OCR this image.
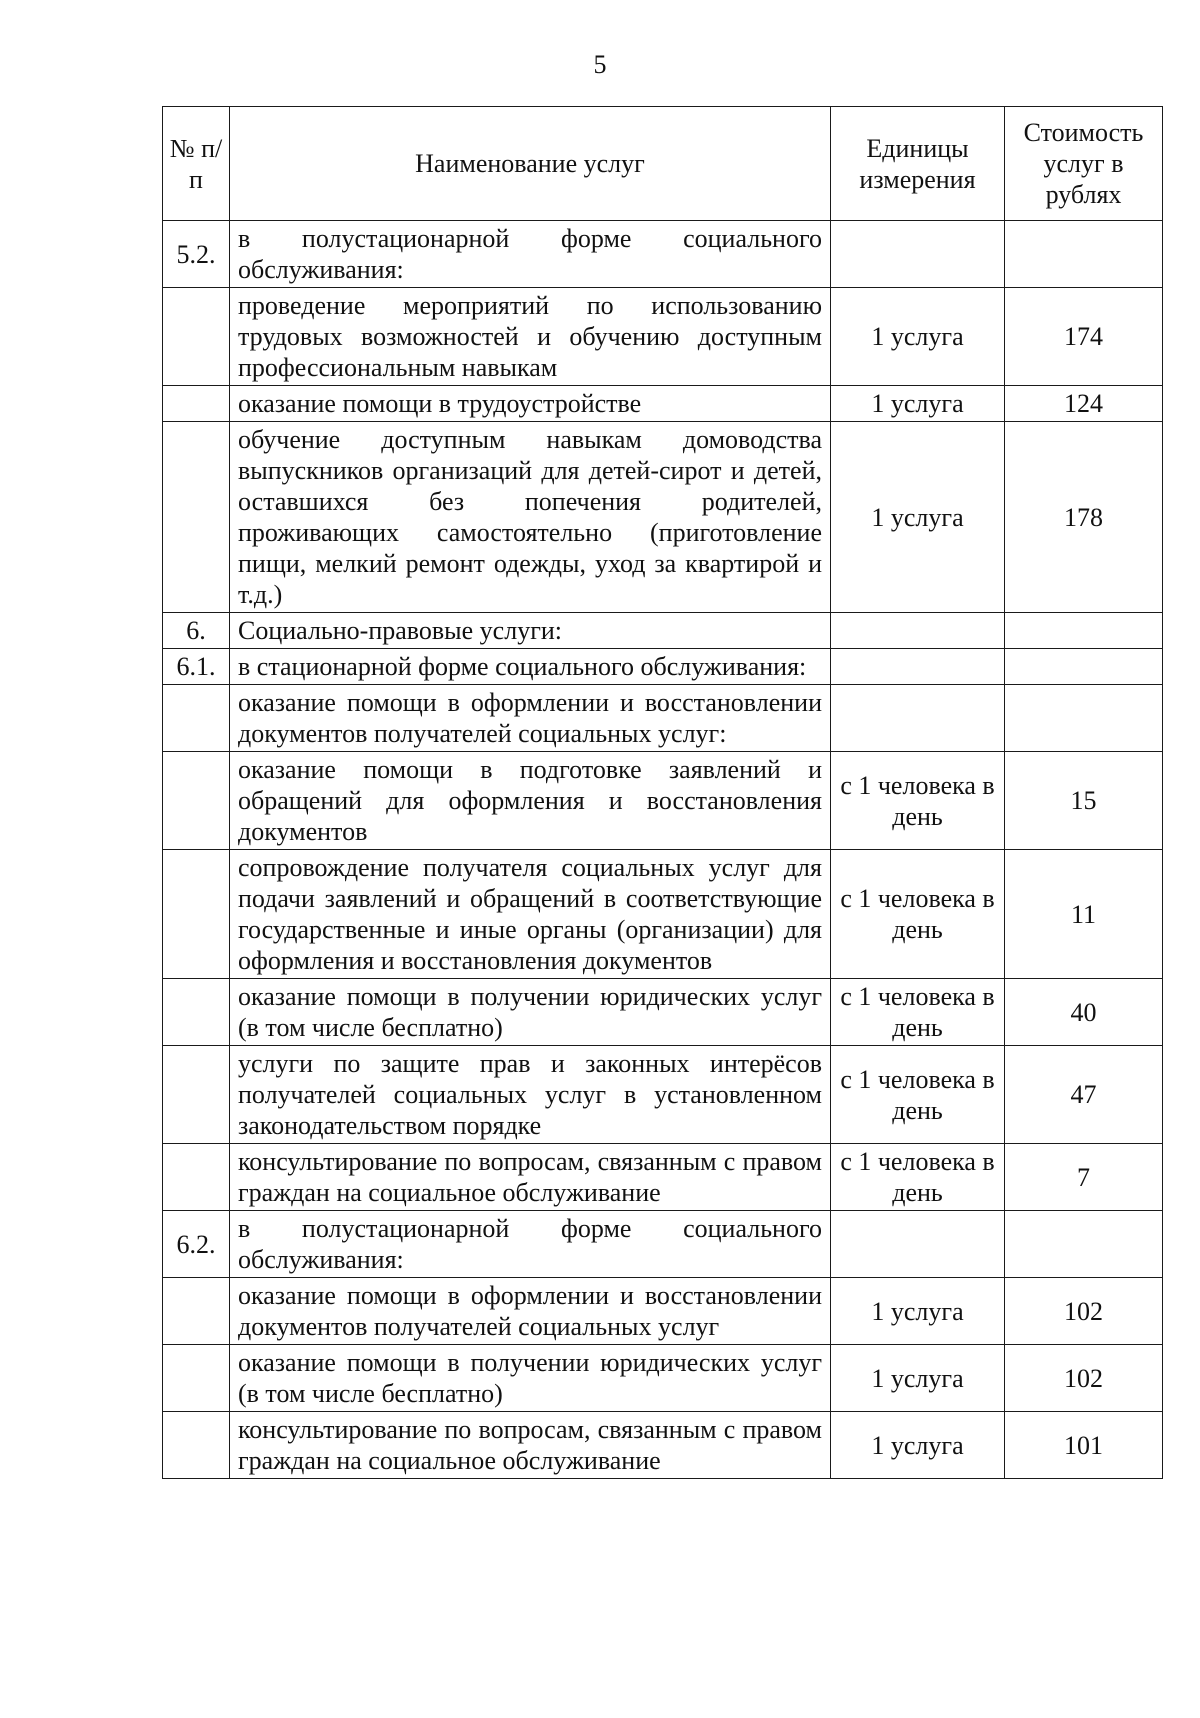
5
№ п/п	Наименование услуг	Единицы измерения	Стоимость услуг в рублях
5.2.	в полустационарной форме социального обслуживания:		
	проведение мероприятий по использованию трудовых возможностей и обучению доступным профессиональным навыкам	1 услуга	174
	оказание помощи в трудоустройстве	1 услуга	124
	обучение доступным навыкам домоводства выпускников организаций для детей-сирот и детей, оставшихся без попечения родителей, проживающих самостоятельно (приготовление пищи, мелкий ремонт одежды, уход за квартирой и т.д.)	1 услуга	178
6.	Социально-правовые услуги:		
6.1.	в стационарной форме социального обслуживания:		
	оказание помощи в оформлении и восстановлении документов получателей социальных услуг:		
	оказание помощи в подготовке заявлений и обращений для оформления и восстановления документов	с 1 человека в день	15
	сопровождение получателя социальных услуг для подачи заявлений и обращений в соответствующие государственные и иные органы (организации) для оформления и восстановления документов	с 1 человека в день	11
	оказание помощи в получении юридических услуг (в том числе бесплатно)	с 1 человека в день	40
	услуги по защите прав и законных интерёсов получателей социальных услуг в установленном законодательством порядке	с 1 человека в день	47
	консультирование по вопросам, связанным с правом граждан на социальное обслуживание	с 1 человека в день	7
6.2.	в полустационарной форме социального обслуживания:		
	оказание помощи в оформлении и восстановлении документов получателей социальных услуг	1 услуга	102
	оказание помощи в получении юридических услуг (в том числе бесплатно)	1 услуга	102
	консультирование по вопросам, связанным с правом граждан на социальное обслуживание	1 услуга	101
